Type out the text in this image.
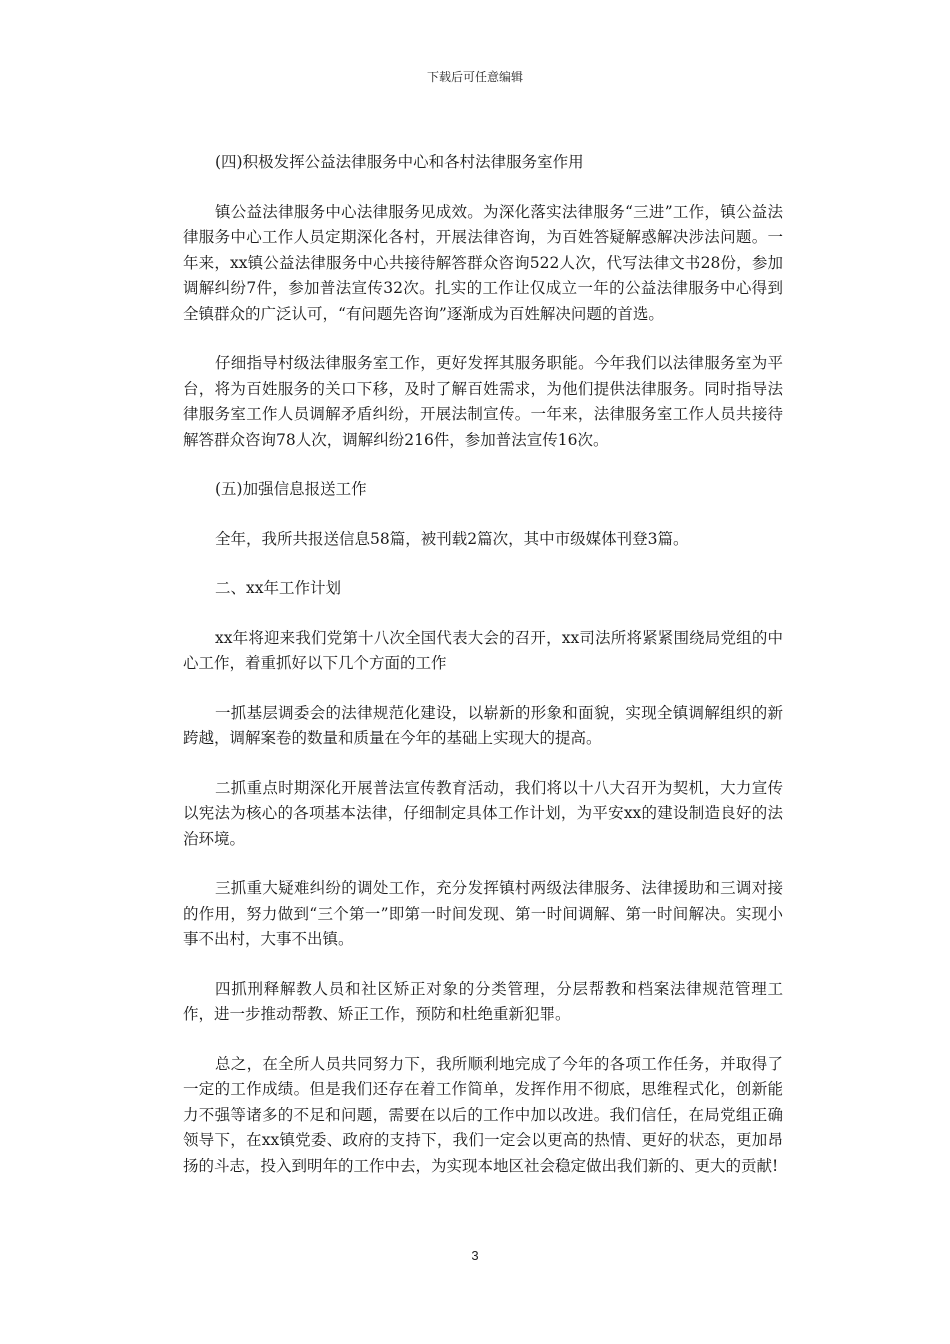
下载后可任意编辑

(四)积极发挥公益法律服务中心和各村法律服务室作用

镇公益法律服务中心法律服务见成效。为深化落实法律服务“三进”工作，镇公益法律服务中心工作人员定期深化各村，开展法律咨询，为百姓答疑解惑解决涉法问题。一年来，xx镇公益法律服务中心共接待解答群众咨询522人次，代写法律文书28份，参加调解纠纷7件，参加普法宣传32次。扎实的工作让仅成立一年的公益法律服务中心得到全镇群众的广泛认可，“有问题先咨询”逐渐成为百姓解决问题的首选。

仔细指导村级法律服务室工作，更好发挥其服务职能。今年我们以法律服务室为平台，将为百姓服务的关口下移，及时了解百姓需求，为他们提供法律服务。同时指导法律服务室工作人员调解矛盾纠纷，开展法制宣传。一年来，法律服务室工作人员共接待解答群众咨询78人次，调解纠纷216件，参加普法宣传16次。

(五)加强信息报送工作

全年，我所共报送信息58篇，被刊载2篇次，其中市级媒体刊登3篇。

二、xx年工作计划

xx年将迎来我们党第十八次全国代表大会的召开，xx司法所将紧紧围绕局党组的中心工作，着重抓好以下几个方面的工作

一抓基层调委会的法律规范化建设，以崭新的形象和面貌，实现全镇调解组织的新跨越，调解案卷的数量和质量在今年的基础上实现大的提高。

二抓重点时期深化开展普法宣传教育活动，我们将以十八大召开为契机，大力宣传以宪法为核心的各项基本法律，仔细制定具体工作计划，为平安xx的建设制造良好的法治环境。

三抓重大疑难纠纷的调处工作，充分发挥镇村两级法律服务、法律援助和三调对接的作用，努力做到“三个第一”即第一时间发现、第一时间调解、第一时间解决。实现小事不出村，大事不出镇。

四抓刑释解教人员和社区矫正对象的分类管理，分层帮教和档案法律规范管理工作，进一步推动帮教、矫正工作，预防和杜绝重新犯罪。

总之，在全所人员共同努力下，我所顺利地完成了今年的各项工作任务，并取得了一定的工作成绩。但是我们还存在着工作简单，发挥作用不彻底，思维程式化，创新能力不强等诸多的不足和问题，需要在以后的工作中加以改进。我们信任，在局党组正确领导下，在xx镇党委、政府的支持下，我们一定会以更高的热情、更好的状态，更加昂扬的斗志，投入到明年的工作中去，为实现本地区社会稳定做出我们新的、更大的贡献!

3
